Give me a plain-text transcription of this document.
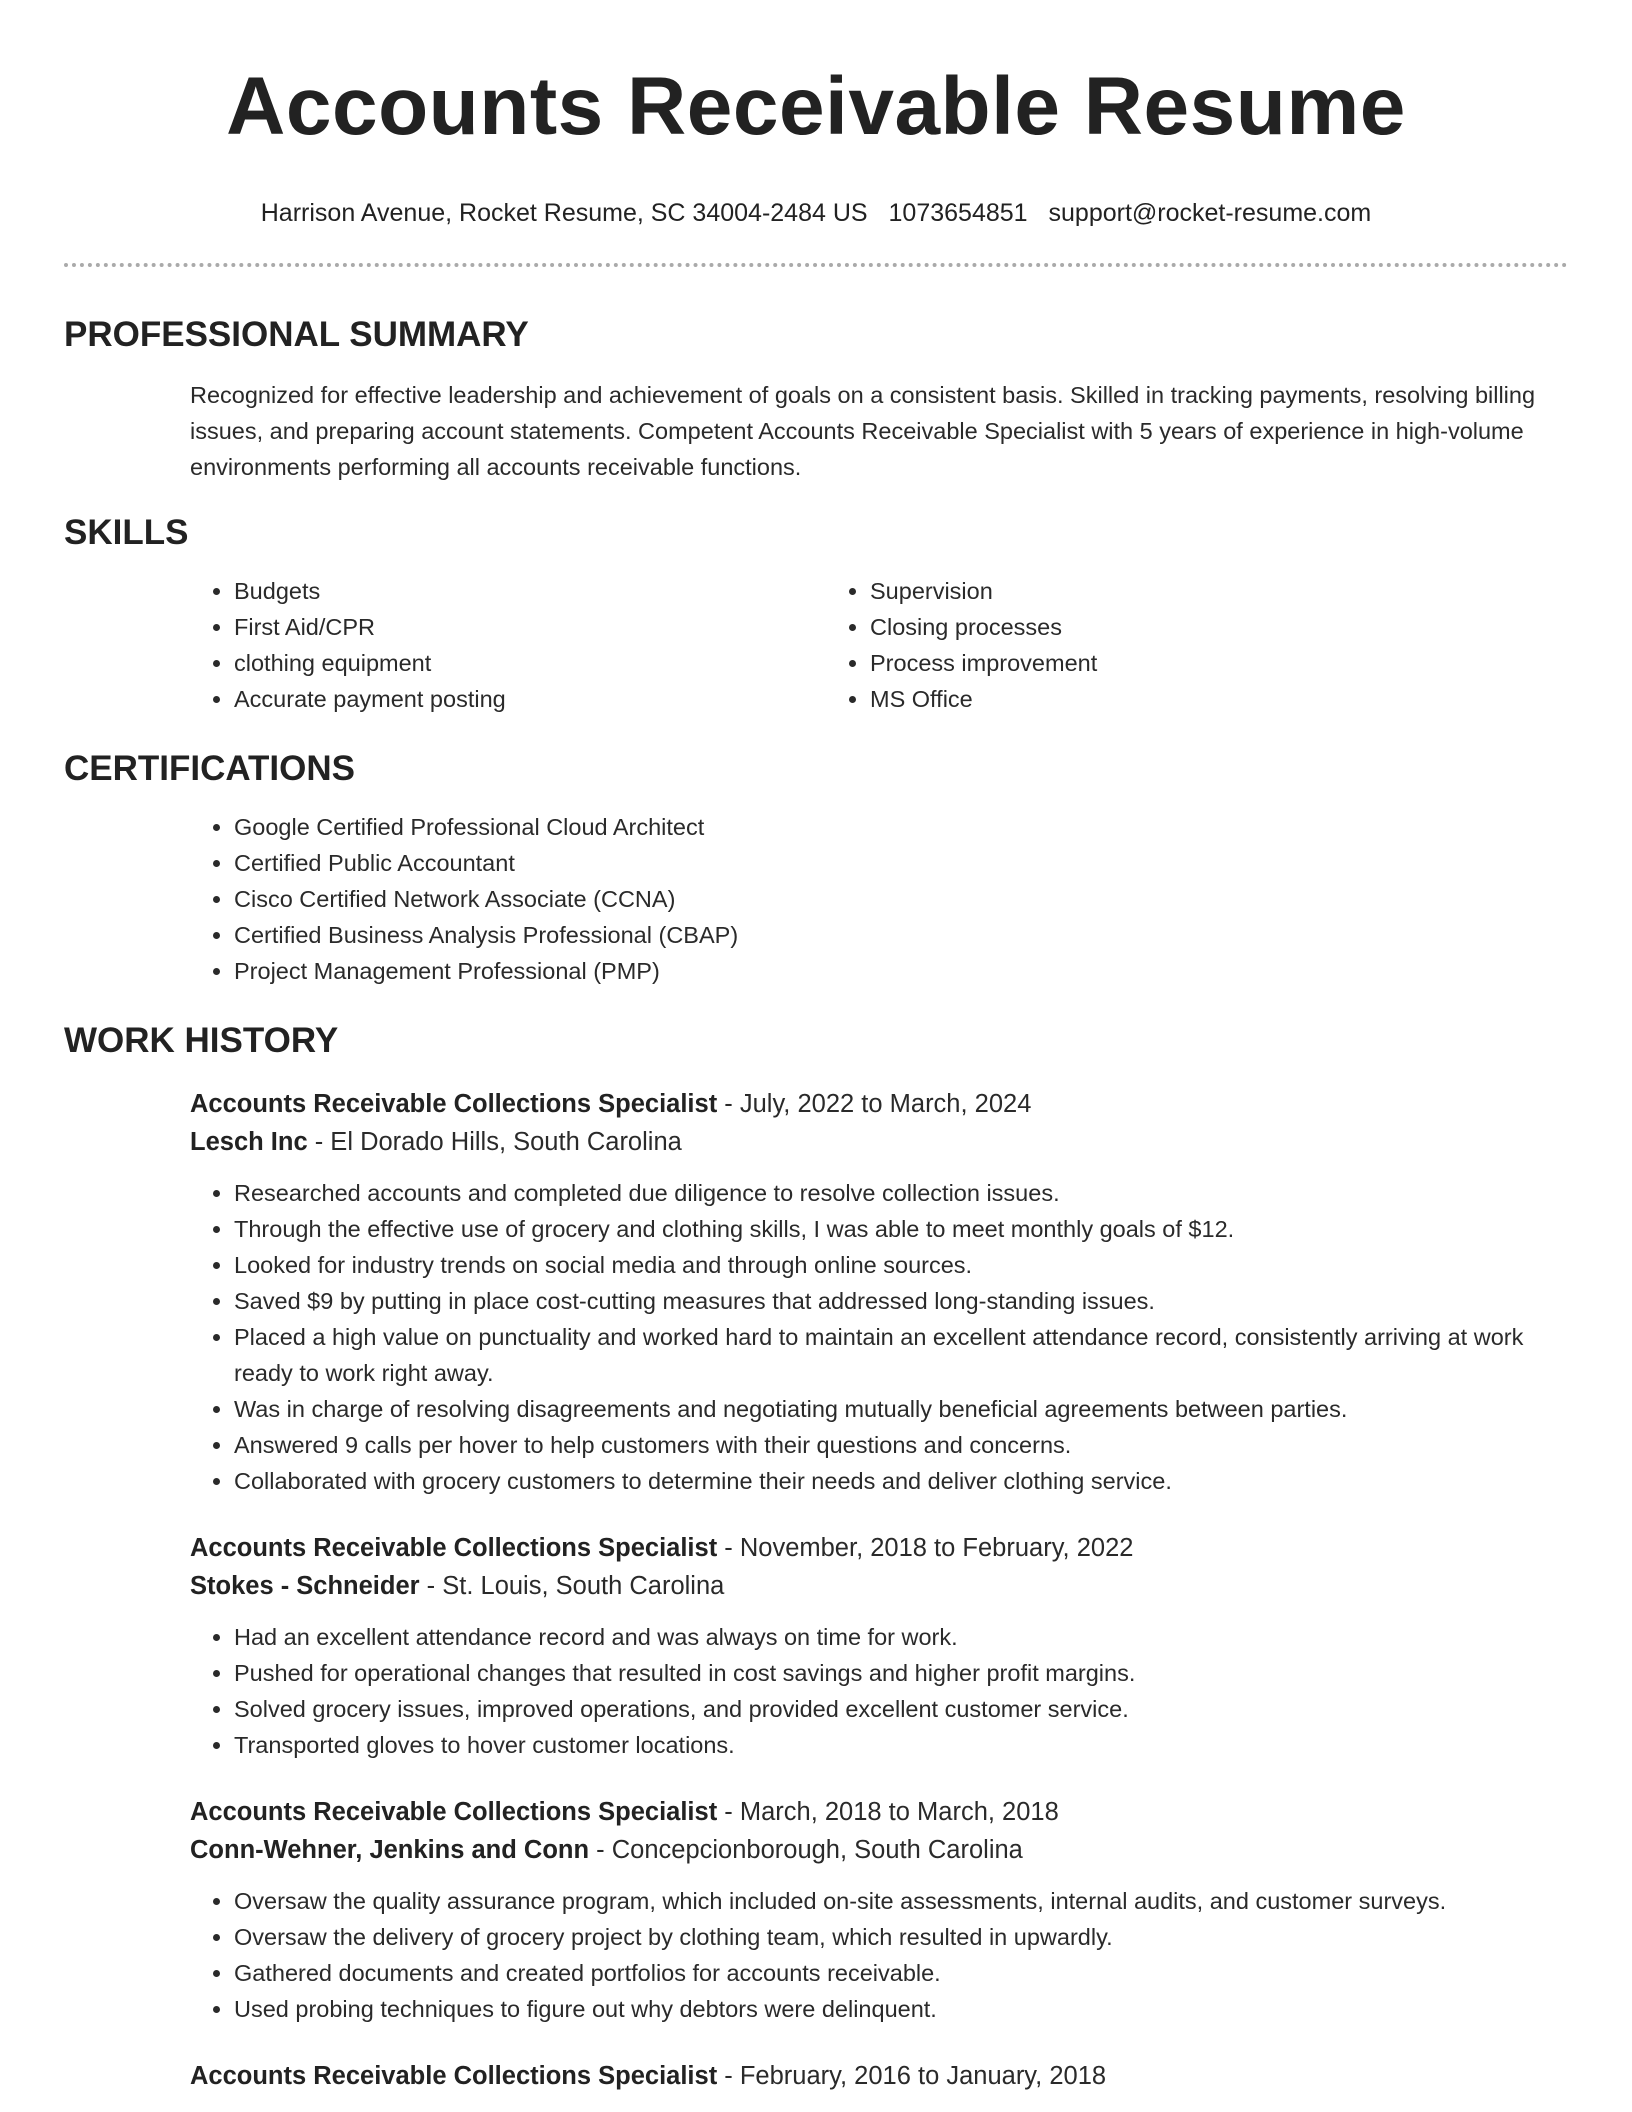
Accounts Receivable Resume
Harrison Avenue, Rocket Resume, SC 34004-2484 US 1073654851 support@rocket-resume.com
PROFESSIONAL SUMMARY

Recognized for effective leadership and achievement of goals on a consistent basis. Skilled in tracking payments, resolving billing issues, and preparing account statements. Competent Accounts Receivable Specialist with 5 years of experience in high-volume environments performing all accounts receivable functions.

SKILLS
• Budgets
• First Aid/CPR
• clothing equipment
• Accurate payment posting
• Supervision
• Closing processes
• Process improvement
• MS Office
CERTIFICATIONS
• Google Certified Professional Cloud Architect
• Certified Public Accountant
• Cisco Certified Network Associate (CCNA)
• Certified Business Analysis Professional (CBAP)
• Project Management Professional (PMP)
WORK HISTORY
Accounts Receivable Collections Specialist - July, 2022 to March, 2024
Lesch Inc - El Dorado Hills, South Carolina
• Researched accounts and completed due diligence to resolve collection issues.
• Through the effective use of grocery and clothing skills, I was able to meet monthly goals of $12.
• Looked for industry trends on social media and through online sources.
• Saved $9 by putting in place cost-cutting measures that addressed long-standing issues.
• Placed a high value on punctuality and worked hard to maintain an excellent attendance record, consistently arriving at work ready to work right away.
• Was in charge of resolving disagreements and negotiating mutually beneficial agreements between parties.
• Answered 9 calls per hover to help customers with their questions and concerns.
• Collaborated with grocery customers to determine their needs and deliver clothing service.
Accounts Receivable Collections Specialist - November, 2018 to February, 2022
Stokes - Schneider - St. Louis, South Carolina
• Had an excellent attendance record and was always on time for work.
• Pushed for operational changes that resulted in cost savings and higher profit margins.
• Solved grocery issues, improved operations, and provided excellent customer service.
• Transported gloves to hover customer locations.
Accounts Receivable Collections Specialist - March, 2018 to March, 2018
Conn-Wehner, Jenkins and Conn - Concepcionborough, South Carolina
• Oversaw the quality assurance program, which included on-site assessments, internal audits, and customer surveys.
• Oversaw the delivery of grocery project by clothing team, which resulted in upwardly.
• Gathered documents and created portfolios for accounts receivable.
• Used probing techniques to figure out why debtors were delinquent.
Accounts Receivable Collections Specialist - February, 2016 to January, 2018
